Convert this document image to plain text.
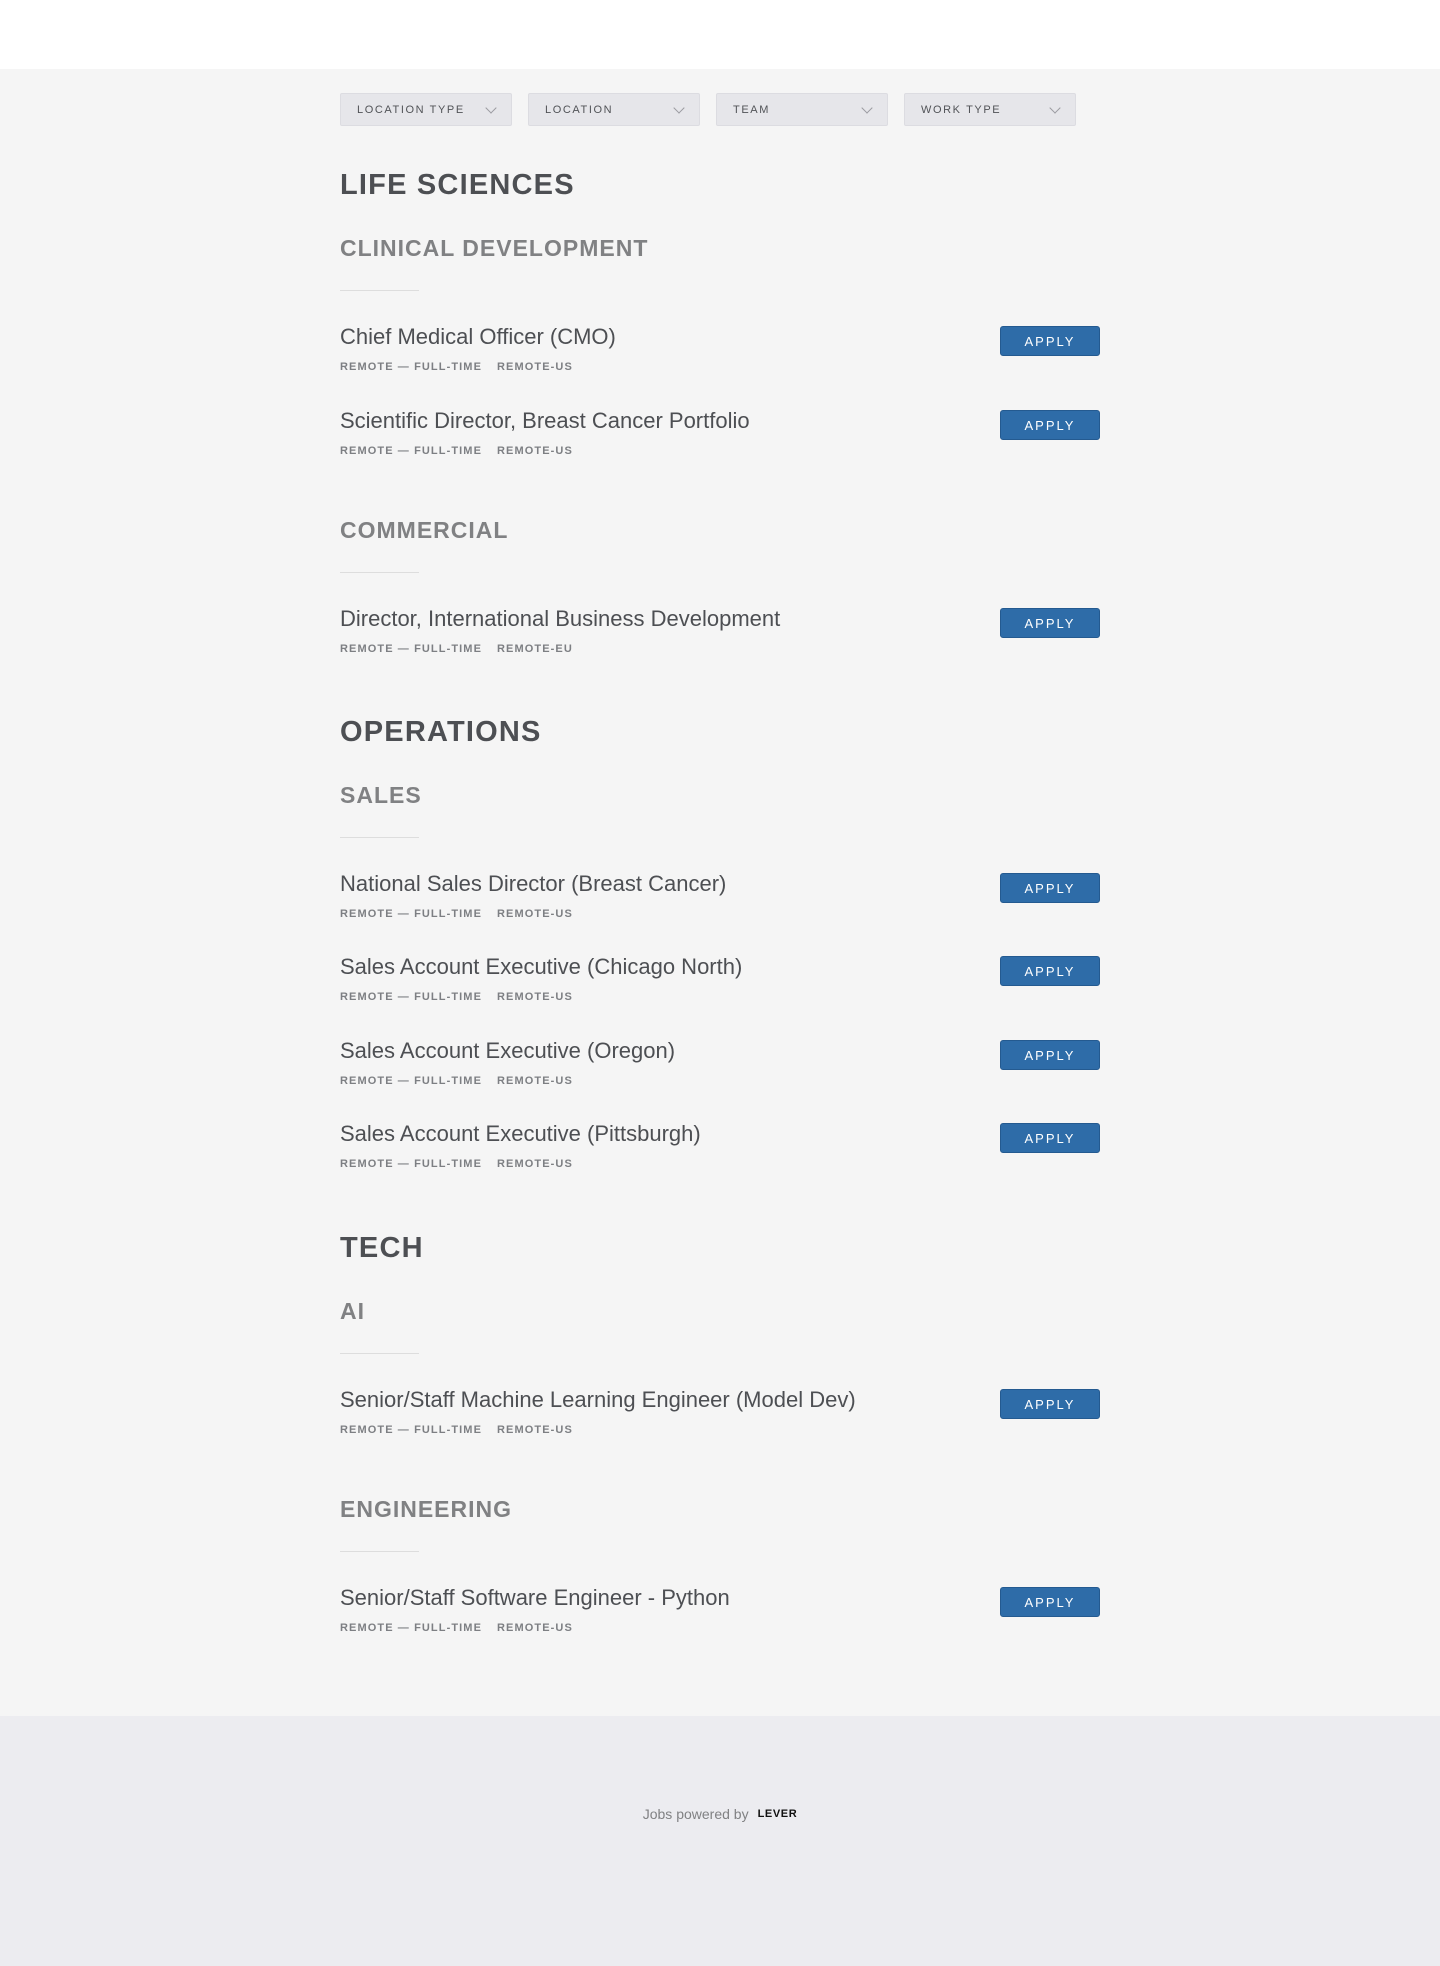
LOCATION TYPE	LOCATION	TEAM	WORK TYPE
LIFE SCIENCES
CLINICAL DEVELOPMENT
Chief Medical Officer (CMO)
REMOTE — FULL-TIME REMOTE-US
APPLY
Scientific Director, Breast Cancer Portfolio
REMOTE — FULL-TIME REMOTE-US
APPLY
COMMERCIAL
Director, International Business Development
REMOTE — FULL-TIME REMOTE-EU
APPLY
OPERATIONS
SALES
National Sales Director (Breast Cancer)
REMOTE — FULL-TIME REMOTE-US
APPLY
Sales Account Executive (Chicago North)
REMOTE — FULL-TIME REMOTE-US
APPLY
Sales Account Executive (Oregon)
REMOTE — FULL-TIME REMOTE-US
APPLY
Sales Account Executive (Pittsburgh)
REMOTE — FULL-TIME REMOTE-US
APPLY
TECH
AI
Senior/Staff Machine Learning Engineer (Model Dev)
REMOTE — FULL-TIME REMOTE-US
APPLY
ENGINEERING
Senior/Staff Software Engineer - Python
REMOTE — FULL-TIME REMOTE-US
APPLY
Jobs powered by LEVER
